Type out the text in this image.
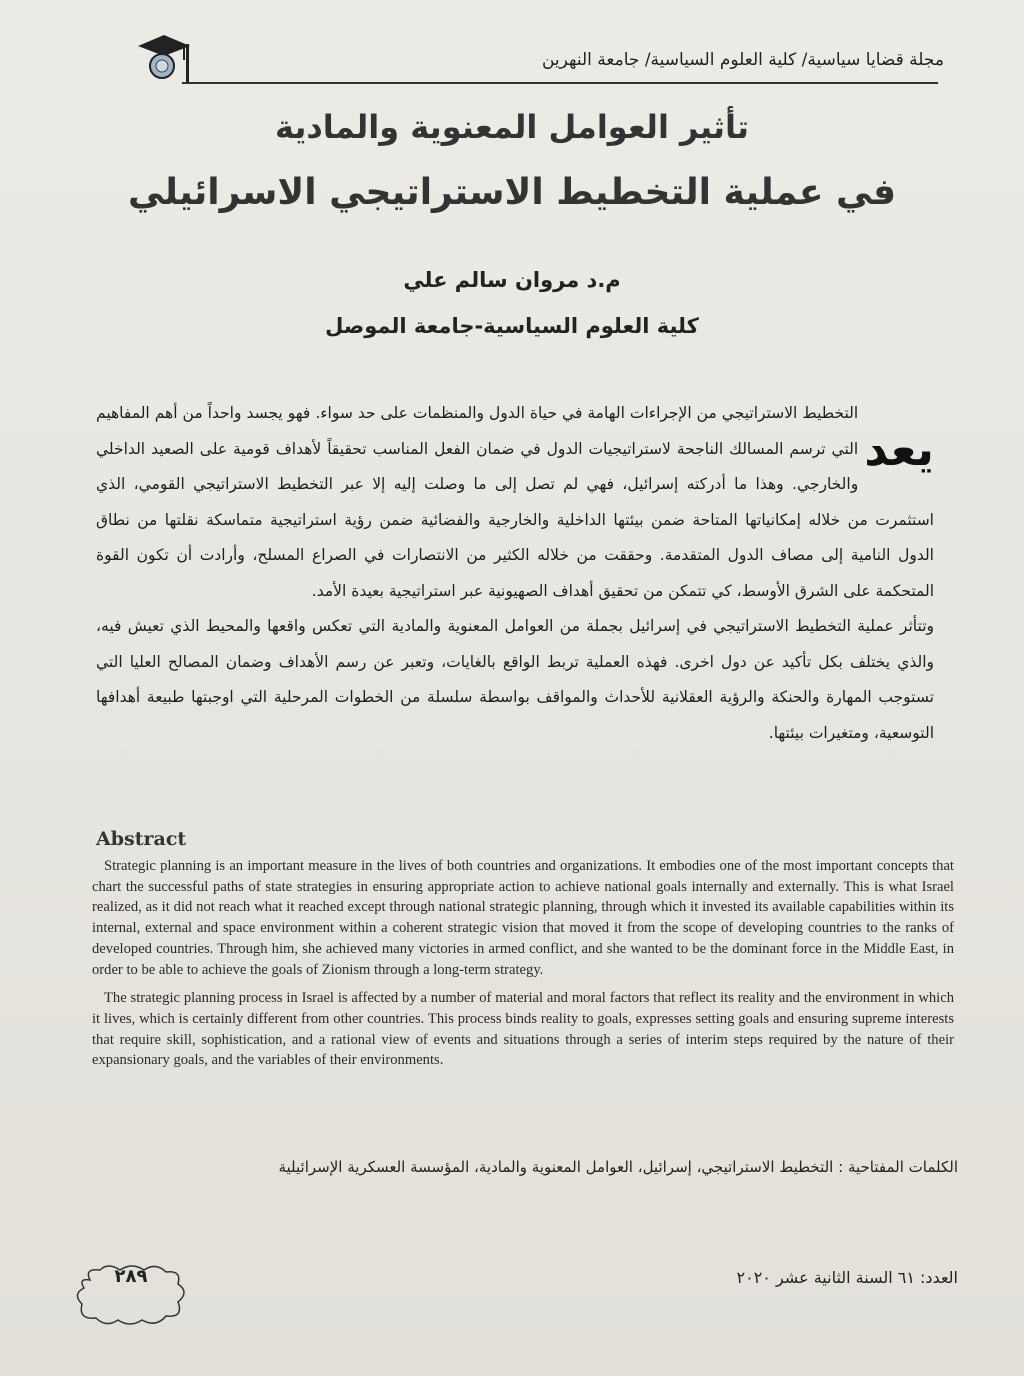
مجلة قضايا سياسية/ كلية العلوم السياسية/ جامعة النهرين
تأثير العوامل المعنوية والمادية
في عملية التخطيط الاستراتيجي الاسرائيلي
م.د مروان سالم علي
كلية العلوم السياسية-جامعة الموصل
يعد

التخطيط الاستراتيجي من الإجراءات الهامة في حياة الدول والمنظمات على حد سواء. فهو يجسد واحداً من أهم المفاهيم التي ترسم المسالك الناجحة لاستراتيجيات الدول في ضمان الفعل المناسب تحقيقاً لأهداف قومية على الصعيد الداخلي والخارجي. وهذا ما أدركته إسرائيل، فهي لم تصل إلى ما وصلت إليه إلا عبر التخطيط الاستراتيجي القومي، الذي استثمرت من خلاله إمكانياتها المتاحة ضمن بيئتها الداخلية والخارجية والفضائية ضمن رؤية استراتيجية متماسكة نقلتها من نطاق الدول النامية إلى مصاف الدول المتقدمة. وحققت من خلاله الكثير من الانتصارات في الصراع المسلح، وأرادت أن تكون القوة المتحكمة على الشرق الأوسط، كي تتمكن من تحقيق أهداف الصهيونية عبر استراتيجية بعيدة الأمد.

وتتأثر عملية التخطيط الاستراتيجي في إسرائيل بجملة من العوامل المعنوية والمادية التي تعكس واقعها والمحيط الذي تعيش فيه، والذي يختلف بكل تأكيد عن دول اخرى. فهذه العملية تربط الواقع بالغايات، وتعبر عن رسم الأهداف وضمان المصالح العليا التي تستوجب المهارة والحنكة والرؤية العقلانية للأحداث والمواقف بواسطة سلسلة من الخطوات المرحلية التي اوجبتها طبيعة أهدافها التوسعية، ومتغيرات بيئتها.

Abstract

Strategic planning is an important measure in the lives of both countries and organizations. It embodies one of the most important concepts that chart the successful paths of state strategies in ensuring appropriate action to achieve national goals internally and externally. This is what Israel realized, as it did not reach what it reached except through national strategic planning, through which it invested its available capabilities within its internal, external and space environment within a coherent strategic vision that moved it from the scope of developing countries to the ranks of developed countries. Through him, she achieved many victories in armed conflict, and she wanted to be the dominant force in the Middle East, in order to be able to achieve the goals of Zionism through a long-term strategy.

The strategic planning process in Israel is affected by a number of material and moral factors that reflect its reality and the environment in which it lives, which is certainly different from other countries. This process binds reality to goals, expresses setting goals and ensuring supreme interests that require skill, sophistication, and a rational view of events and situations through a series of interim steps required by the nature of their expansionary goals, and the variables of their environments.

الكلمات المفتاحية : التخطيط الاستراتيجي، إسرائيل، العوامل المعنوية والمادية، المؤسسة العسكرية الإسرائيلية
العدد: ٦١ السنة الثانية عشر ٢٠٢٠
٢٨٩
